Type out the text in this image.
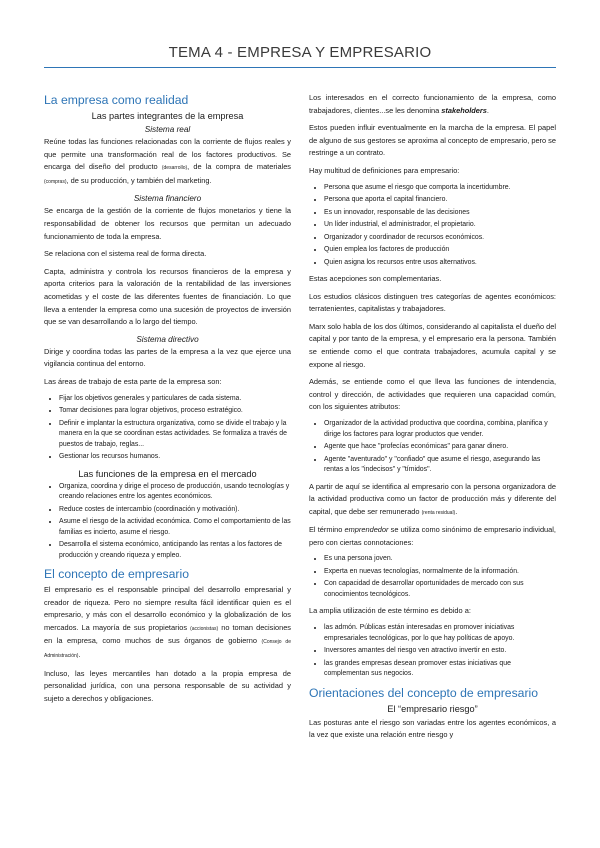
TEMA 4 - EMPRESA Y EMPRESARIO
La empresa como realidad
Las partes integrantes de la empresa
Sistema real

Reúne todas las funciones relacionadas con la corriente de flujos reales y que permite una transformación real de los factores productivos. Se encarga del diseño del producto (desarrollo), de la compra de materiales (compras), de su producción, y también del marketing.

Sistema financiero

Se encarga de la gestión de la corriente de flujos monetarios y tiene la responsabilidad de obtener los recursos que permitan un adecuado funcionamiento de toda la empresa.

Se relaciona con el sistema real de forma directa.

Capta, administra y controla los recursos financieros de la empresa y aporta criterios para la valoración de la rentabilidad de las inversiones acometidas y el coste de las diferentes fuentes de financiación. Lo que lleva a entender la empresa como una sucesión de proyectos de inversión que se van desarrollando a lo largo del tiempo.

Sistema directivo

Dirige y coordina todas las partes de la empresa a la vez que ejerce una vigilancia continua del entorno.

Las áreas de trabajo de esta parte de la empresa son:

• Fijar los objetivos generales y particulares de cada sistema.
• Tomar decisiones para lograr objetivos, proceso estratégico.
• Definir e implantar la estructura organizativa, como se divide el trabajo y la manera en la que se coordinan estas actividades. Se formaliza a través de puestos de trabajo, reglas...
• Gestionar los recursos humanos.
Las funciones de la empresa en el mercado
• Organiza, coordina y dirige el proceso de producción, usando tecnologías y creando relaciones entre los agentes económicos.
• Reduce costes de intercambio (coordinación y motivación).
• Asume el riesgo de la actividad económica. Como el comportamiento de las familias es incierto, asume el riesgo.
• Desarrolla el sistema económico, anticipando las rentas a los factores de producción y creando riqueza y empleo.
El concepto de empresario

El empresario es el responsable principal del desarrollo empresarial y creador de riqueza. Pero no siempre resulta fácil identificar quien es el empresario, y más con el desarrollo económico y la globalización de los mercados. La mayoría de sus propietarios (accionistas) no toman decisiones en la empresa, como muchos de sus órganos de gobierno (Consejo de Administración).

Incluso, las leyes mercantiles han dotado a la propia empresa de personalidad jurídica, con una persona responsable de su actividad y sujeto a derechos y obligaciones.

Los interesados en el correcto funcionamiento de la empresa, como trabajadores, clientes...se les denomina stakeholders.

Estos pueden influir eventualmente en la marcha de la empresa. El papel de alguno de sus gestores se aproxima al concepto de empresario, pero se restringe a un contrato.

Hay multitud de definiciones para empresario:

• Persona que asume el riesgo que comporta la incertidumbre.
• Persona que aporta el capital financiero.
• Es un innovador, responsable de las decisiones
• Un líder industrial, el administrador, el propietario.
• Organizador y coordinador de recursos económicos.
• Quien emplea los factores de producción
• Quien asigna los recursos entre usos alternativos.

Estas acepciones son complementarias.

Los estudios clásicos distinguen tres categorías de agentes económicos: terratenientes, capitalistas y trabajadores.

Marx solo habla de los dos últimos, considerando al capitalista el dueño del capital y por tanto de la empresa, y el empresario era la persona. También se entiende como el que contrata trabajadores, acumula capital y se expone al riesgo.

Además, se entiende como el que lleva las funciones de intendencia, control y dirección, de actividades que requieren una capacidad común, con los siguientes atributos:

• Organizador de la actividad productiva que coordina, combina, planifica y dirige los factores para lograr productos que vender.
• Agente que hace "profecías económicas" para ganar dinero.
• Agente "aventurado" y "confiado" que asume el riesgo, asegurando las rentas a los "indecisos" y "tímidos".

A partir de aquí se identifica al empresario con la persona organizadora de la actividad productiva como un factor de producción más y diferente del capital, que debe ser remunerado (renta residual).

El término emprendedor se utiliza como sinónimo de empresario individual, pero con ciertas connotaciones:

• Es una persona joven.
• Experta en nuevas tecnologías, normalmente de la información.
• Con capacidad de desarrollar oportunidades de mercado con sus conocimientos tecnológicos.

La amplia utilización de este término es debido a:

• las admón. Públicas están interesadas en promover iniciativas empresariales tecnológicas, por lo que hay políticas de apoyo.
• Inversores amantes del riesgo ven atractivo invertir en esto.
• las grandes empresas desean promover estas iniciativas que complementan sus negocios.
Orientaciones del concepto de empresario
El “empresario riesgo”

Las posturas ante el riesgo son variadas entre los agentes económicos, a la vez que existe una relación entre riesgo y
